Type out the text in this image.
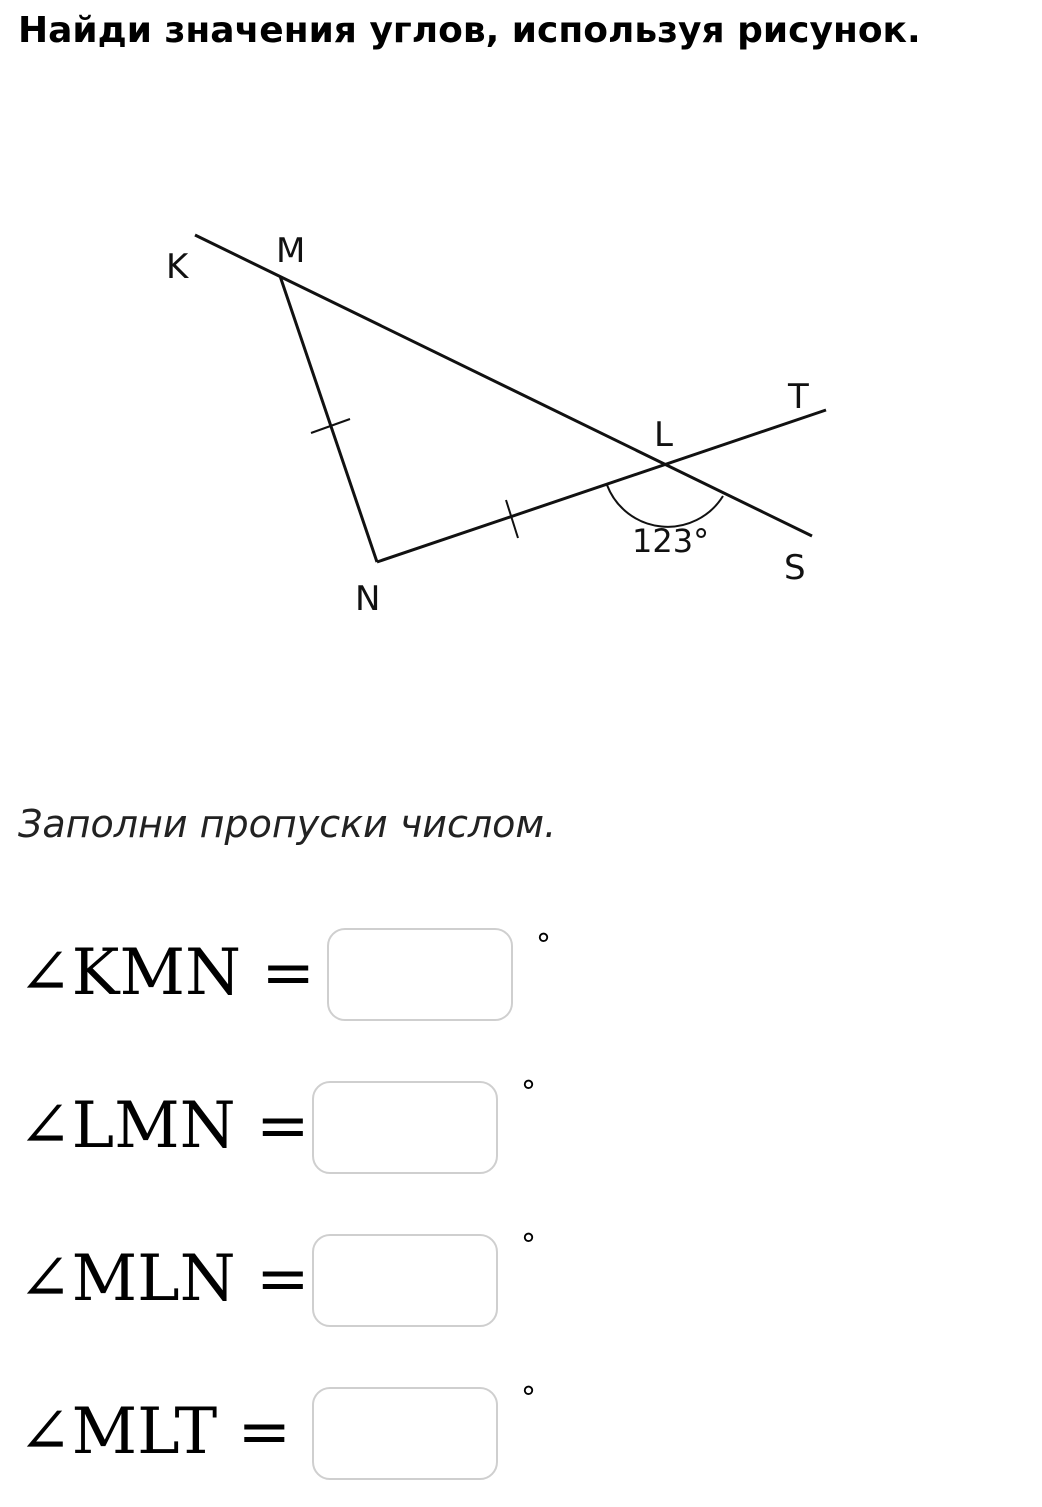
Найди значения углов, используя рисунок.
K	M
T
L
S
N
123°
Заполни пропуски числом.
∠KMN =	°
∠LMN =	°
∠MLN =	°
∠MLT =	°
